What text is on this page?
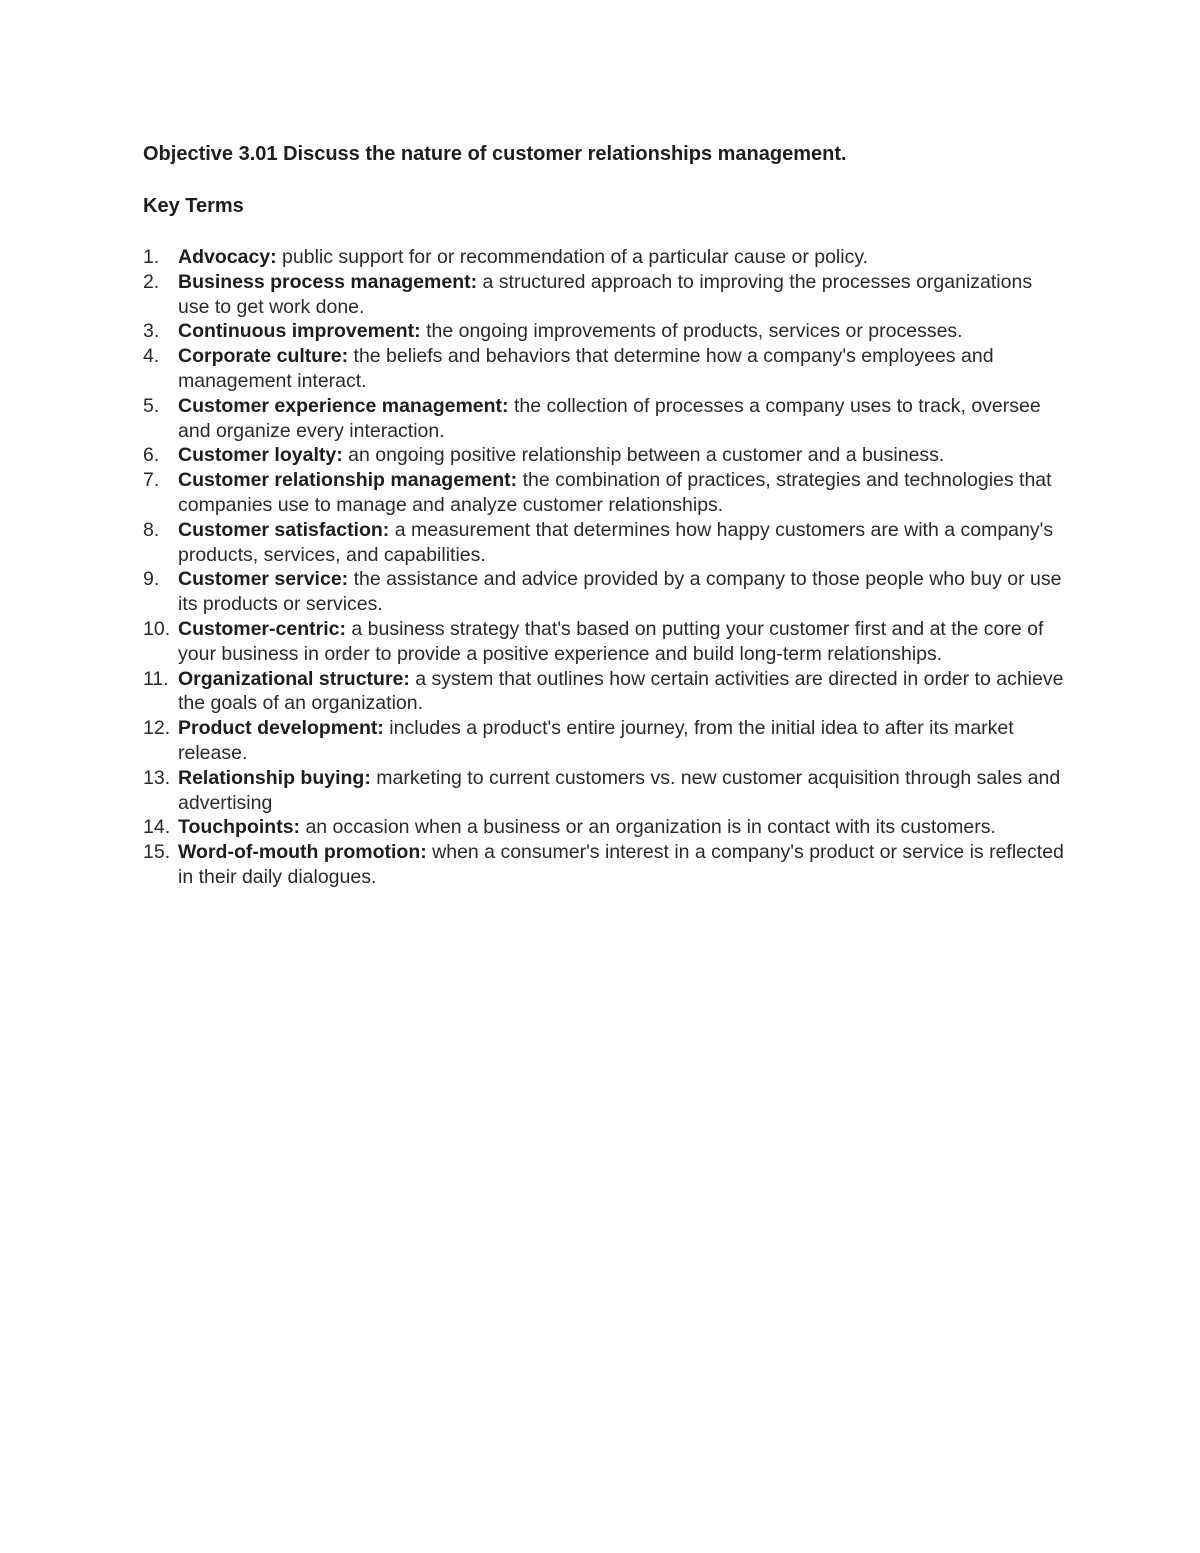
Objective 3.01 Discuss the nature of customer relationships management.

Key Terms

1. Advocacy: public support for or recommendation of a particular cause or policy.
2. Business process management: a structured approach to improving the processes organizations use to get work done.
3. Continuous improvement: the ongoing improvements of products, services or processes.
4. Corporate culture: the beliefs and behaviors that determine how a company's employees and management interact.
5. Customer experience management: the collection of processes a company uses to track, oversee and organize every interaction.
6. Customer loyalty: an ongoing positive relationship between a customer and a business.
7. Customer relationship management: the combination of practices, strategies and technologies that companies use to manage and analyze customer relationships.
8. Customer satisfaction: a measurement that determines how happy customers are with a company's products, services, and capabilities.
9. Customer service: the assistance and advice provided by a company to those people who buy or use its products or services.
10. Customer-centric: a business strategy that's based on putting your customer first and at the core of your business in order to provide a positive experience and build long-term relationships.
11. Organizational structure: a system that outlines how certain activities are directed in order to achieve the goals of an organization.
12. Product development: includes a product's entire journey, from the initial idea to after its market release.
13. Relationship buying: marketing to current customers vs. new customer acquisition through sales and advertising
14. Touchpoints: an occasion when a business or an organization is in contact with its customers.
15. Word-of-mouth promotion: when a consumer's interest in a company's product or service is reflected in their daily dialogues.
